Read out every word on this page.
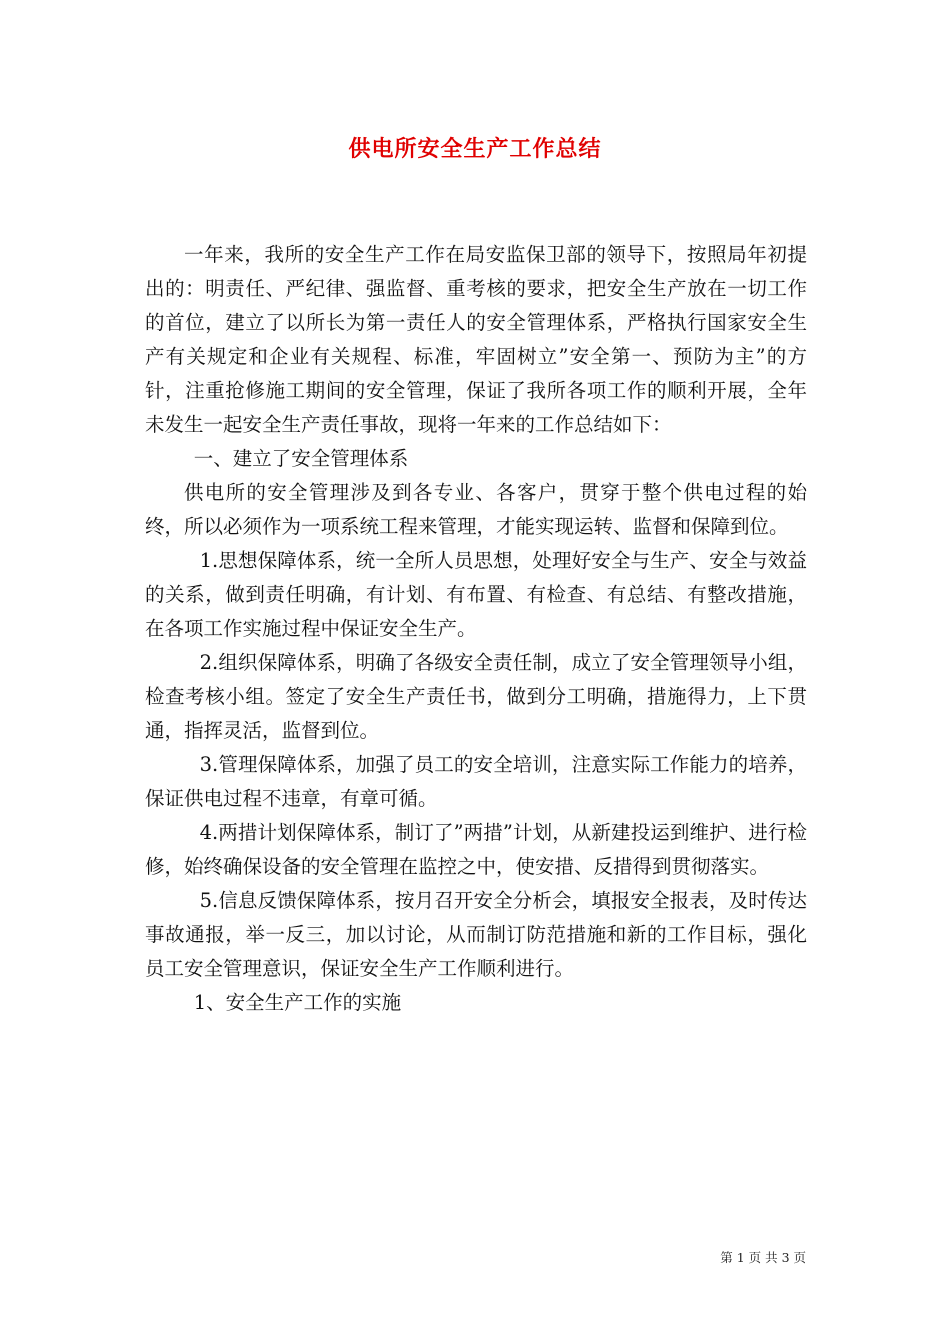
供电所安全生产工作总结

一年来，我所的安全生产工作在局安监保卫部的领导下，按照局年初提出的：明责任、严纪律、强监督、重考核的要求，把安全生产放在一切工作的首位，建立了以所长为第一责任人的安全管理体系，严格执行国家安全生产有关规定和企业有关规程、标准，牢固树立”安全第一、预防为主”的方针，注重抢修施工期间的安全管理，保证了我所各项工作的顺利开展，全年未发生一起安全生产责任事故，现将一年来的工作总结如下：

一、建立了安全管理体系

供电所的安全管理涉及到各专业、各客户，贯穿于整个供电过程的始终，所以必须作为一项系统工程来管理，才能实现运转、监督和保障到位。

1.思想保障体系，统一全所人员思想，处理好安全与生产、安全与效益的关系，做到责任明确，有计划、有布置、有检查、有总结、有整改措施，在各项工作实施过程中保证安全生产。

2.组织保障体系，明确了各级安全责任制，成立了安全管理领导小组，检查考核小组。签定了安全生产责任书，做到分工明确，措施得力，上下贯通，指挥灵活，监督到位。

3.管理保障体系，加强了员工的安全培训，注意实际工作能力的培养，保证供电过程不违章，有章可循。

4.两措计划保障体系，制订了”两措”计划，从新建投运到维护、进行检修，始终确保设备的安全管理在监控之中，使安措、反措得到贯彻落实。

5.信息反馈保障体系，按月召开安全分析会，填报安全报表，及时传达事故通报，举一反三，加以讨论，从而制订防范措施和新的工作目标，强化员工安全管理意识，保证安全生产工作顺利进行。

1、安全生产工作的实施

第 1 页 共 3 页
